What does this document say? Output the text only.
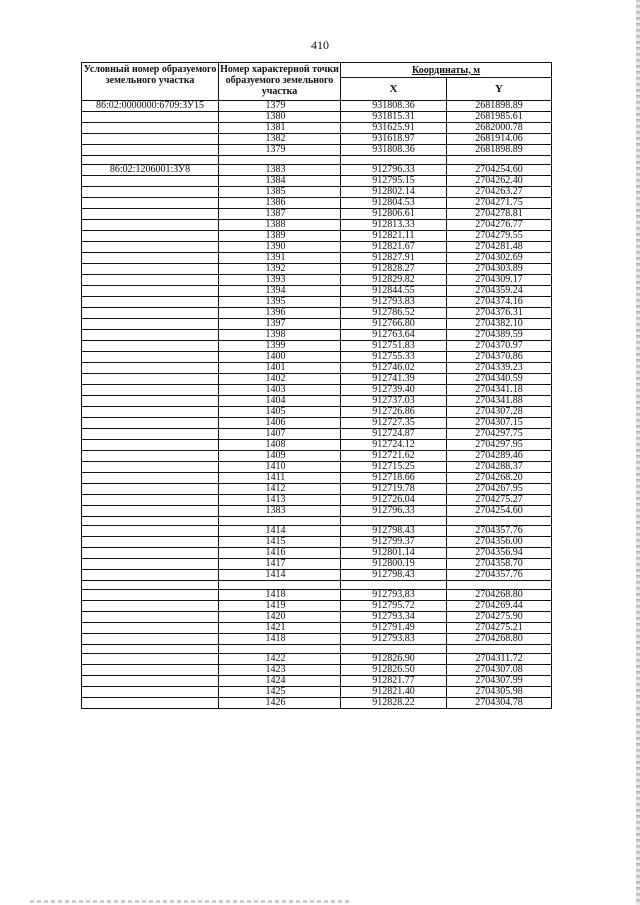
410
Условный номер образуемого земельного участка	Номер характерной точки образуемого земельного участка	Координаты, м	
		X	Y
86:02:0000000:6709:ЗУ15	1379	931808.36	2681898.89
	1380	931815.31	2681985.61
	1381	931625.91	2682000.78
	1382	931618.97	2681914.06
	1379	931808.36	2681898.89

86:02:1206001:ЗУ8	1383	912796.33	2704254.60
	1384	912795.15	2704262.40
	1385	912802.14	2704263.27
	1386	912804.53	2704271.75
	1387	912806.61	2704278.81
	1388	912813.33	2704276.77
	1389	912821.11	2704279.55
	1390	912821.67	2704281.48
	1391	912827.91	2704302.69
	1392	912828.27	2704303.89
	1393	912829.82	2704309.17
	1394	912844.55	2704359.24
	1395	912793.83	2704374.16
	1396	912786.52	2704376.31
	1397	912766.80	2704382.10
	1398	912763.64	2704389.59
	1399	912751.83	2704370.97
	1400	912755.33	2704370.86
	1401	912746.02	2704339.23
	1402	912741.39	2704340.59
	1403	912739.40	2704341.18
	1404	912737.03	2704341.88
	1405	912726.86	2704307.28
	1406	912727.35	2704307.15
	1407	912724.87	2704297.75
	1408	912724.12	2704297.95
	1409	912721.62	2704289.46
	1410	912715.25	2704288.37
	1411	912718.66	2704268.20
	1412	912719.78	2704267.95
	1413	912726.04	2704275.27
	1383	912796.33	2704254.60

	1414	912798.43	2704357.76
	1415	912799.37	2704356.00
	1416	912801.14	2704356.94
	1417	912800.19	2704358.70
	1414	912798.43	2704357.76

	1418	912793.83	2704268.80
	1419	912795.72	2704269.44
	1420	912793.34	2704275.90
	1421	912791.49	2704275.21
	1418	912793.83	2704268.80

	1422	912826.90	2704311.72
	1423	912826.50	2704307.08
	1424	912821.77	2704307.99
	1425	912821.40	2704305.98
	1426	912828.22	2704304.78
